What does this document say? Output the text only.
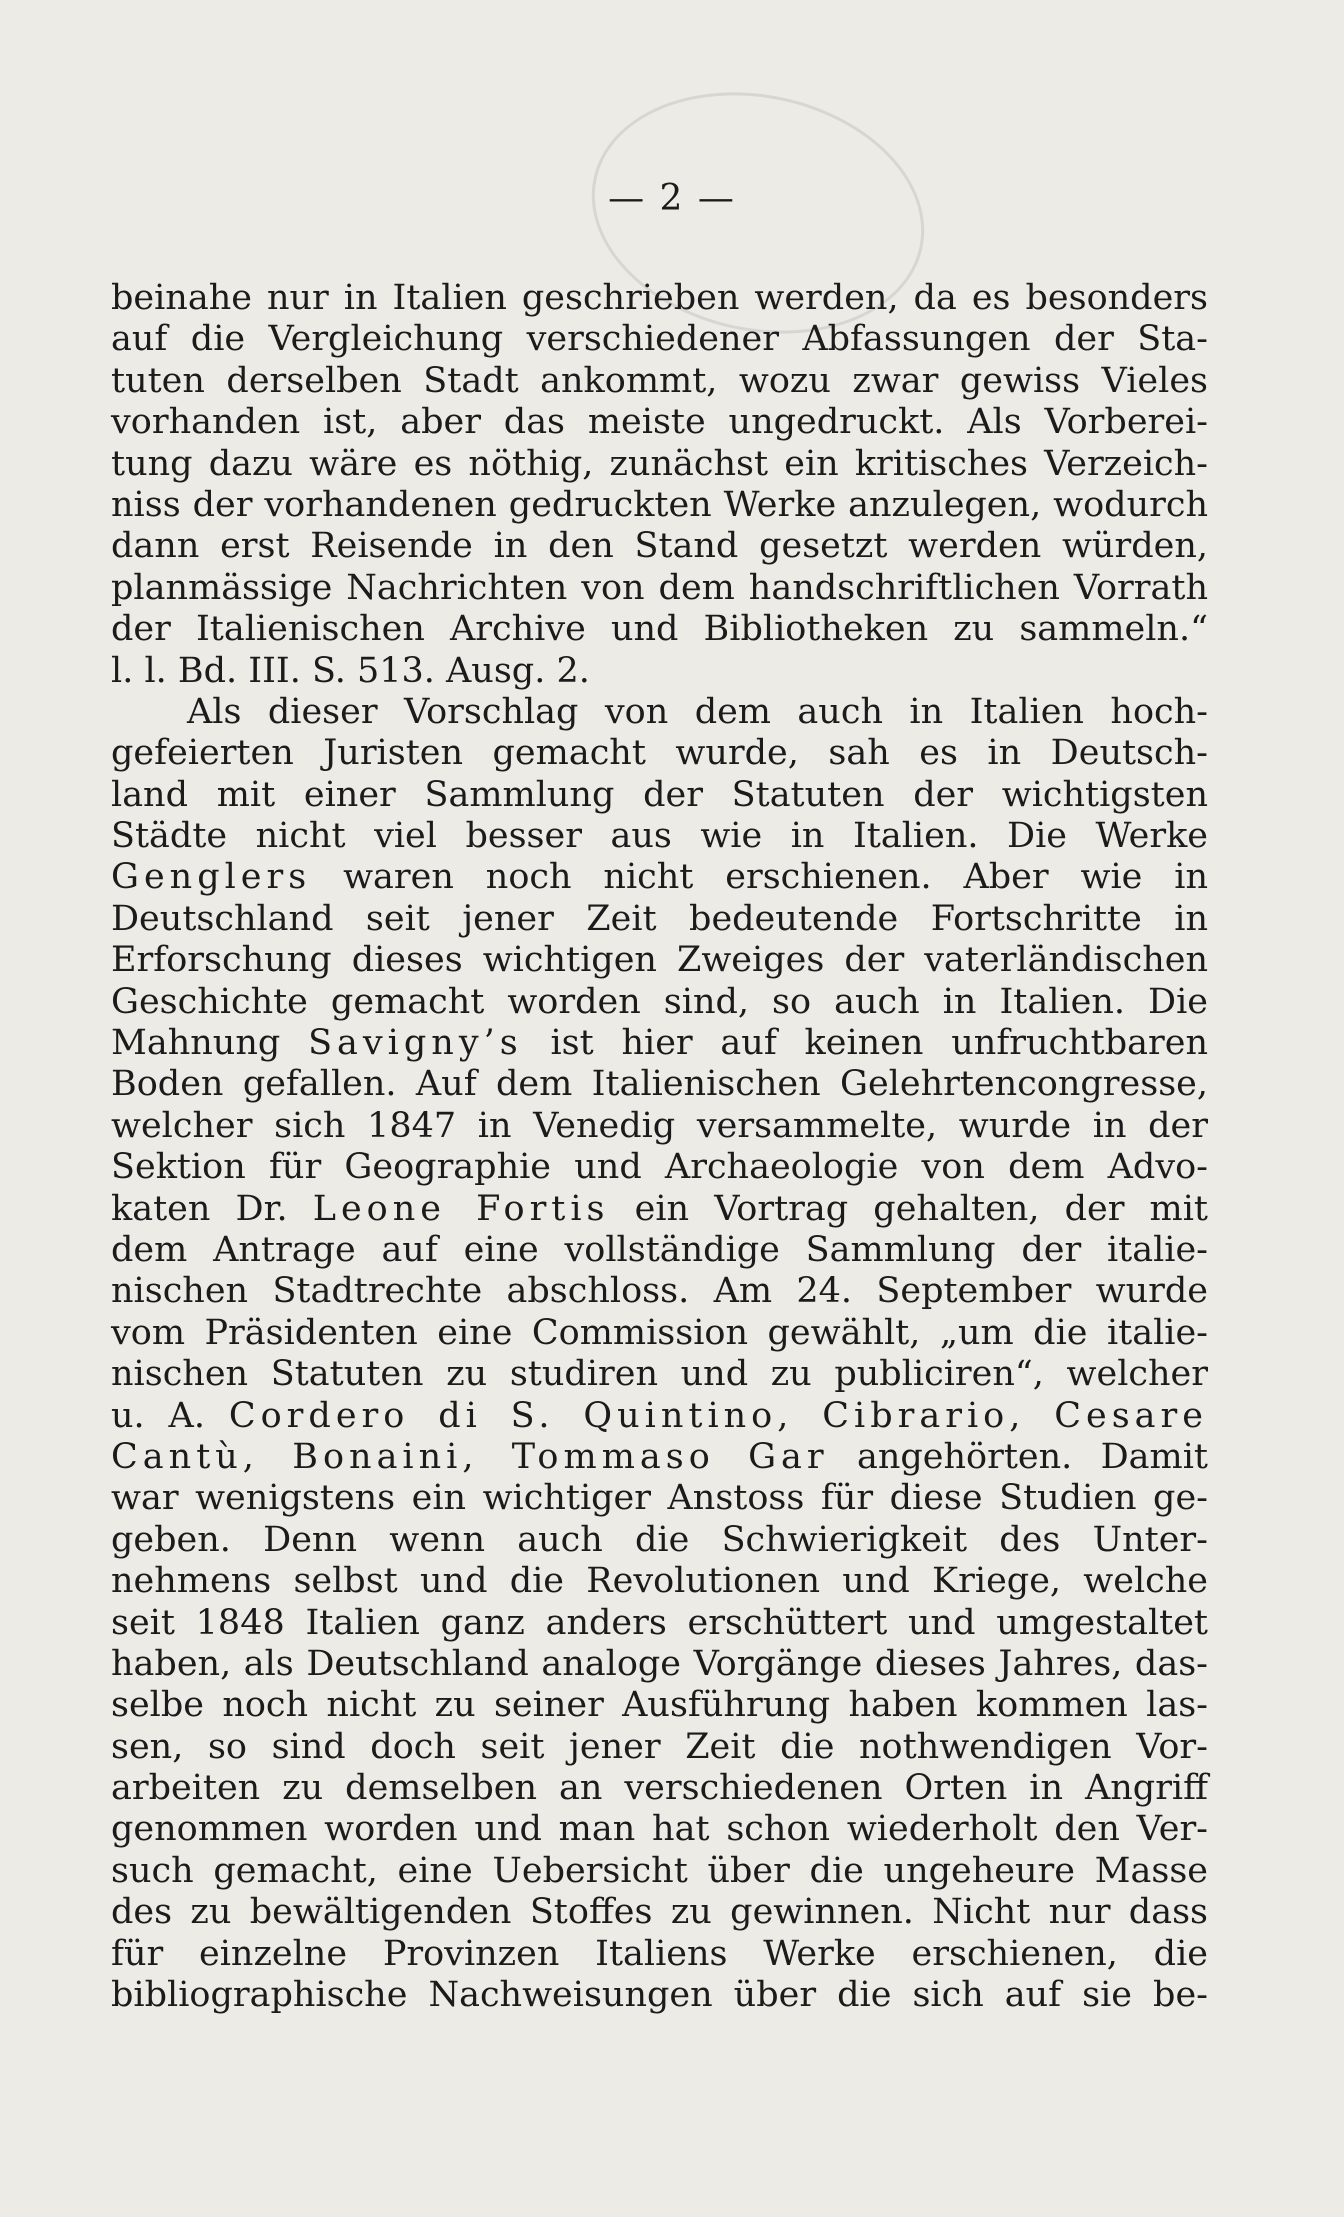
— 2 —
beinahe nur in Italien geschrieben werden, da es besonders
auf die Vergleichung verschiedener Abfassungen der Sta-
tuten derselben Stadt ankommt, wozu zwar gewiss Vieles
vorhanden ist, aber das meiste ungedruckt. Als Vorberei-
tung dazu wäre es nöthig, zunächst ein kritisches Verzeich-
niss der vorhandenen gedruckten Werke anzulegen, wodurch
dann erst Reisende in den Stand gesetzt werden würden,
planmässige Nachrichten von dem handschriftlichen Vorrath
der Italienischen Archive und Bibliotheken zu sammeln.“
l. l. Bd. III. S. 513. Ausg. 2.
Als dieser Vorschlag von dem auch in Italien hoch-
gefeierten Juristen gemacht wurde, sah es in Deutsch-
land mit einer Sammlung der Statuten der wichtigsten
Städte nicht viel besser aus wie in Italien. Die Werke
Genglers waren noch nicht erschienen. Aber wie in
Deutschland seit jener Zeit bedeutende Fortschritte in
Erforschung dieses wichtigen Zweiges der vaterländischen
Geschichte gemacht worden sind, so auch in Italien. Die
Mahnung Savigny’s ist hier auf keinen unfruchtbaren
Boden gefallen. Auf dem Italienischen Gelehrtencongresse,
welcher sich 1847 in Venedig versammelte, wurde in der
Sektion für Geographie und Archaeologie von dem Advo-
katen Dr. Leone Fortis ein Vortrag gehalten, der mit
dem Antrage auf eine vollständige Sammlung der italie-
nischen Stadtrechte abschloss. Am 24. September wurde
vom Präsidenten eine Commission gewählt, „um die italie-
nischen Statuten zu studiren und zu publiciren“, welcher
u. A. Cordero di S. Quintino, Cibrario, Cesare
Cantù, Bonaini, Tommaso Gar angehörten. Damit
war wenigstens ein wichtiger Anstoss für diese Studien ge-
geben. Denn wenn auch die Schwierigkeit des Unter-
nehmens selbst und die Revolutionen und Kriege, welche
seit 1848 Italien ganz anders erschüttert und umgestaltet
haben, als Deutschland analoge Vorgänge dieses Jahres, das-
selbe noch nicht zu seiner Ausführung haben kommen las-
sen, so sind doch seit jener Zeit die nothwendigen Vor-
arbeiten zu demselben an verschiedenen Orten in Angriff
genommen worden und man hat schon wiederholt den Ver-
such gemacht, eine Uebersicht über die ungeheure Masse
des zu bewältigenden Stoffes zu gewinnen. Nicht nur dass
für einzelne Provinzen Italiens Werke erschienen, die
bibliographische Nachweisungen über die sich auf sie be-
